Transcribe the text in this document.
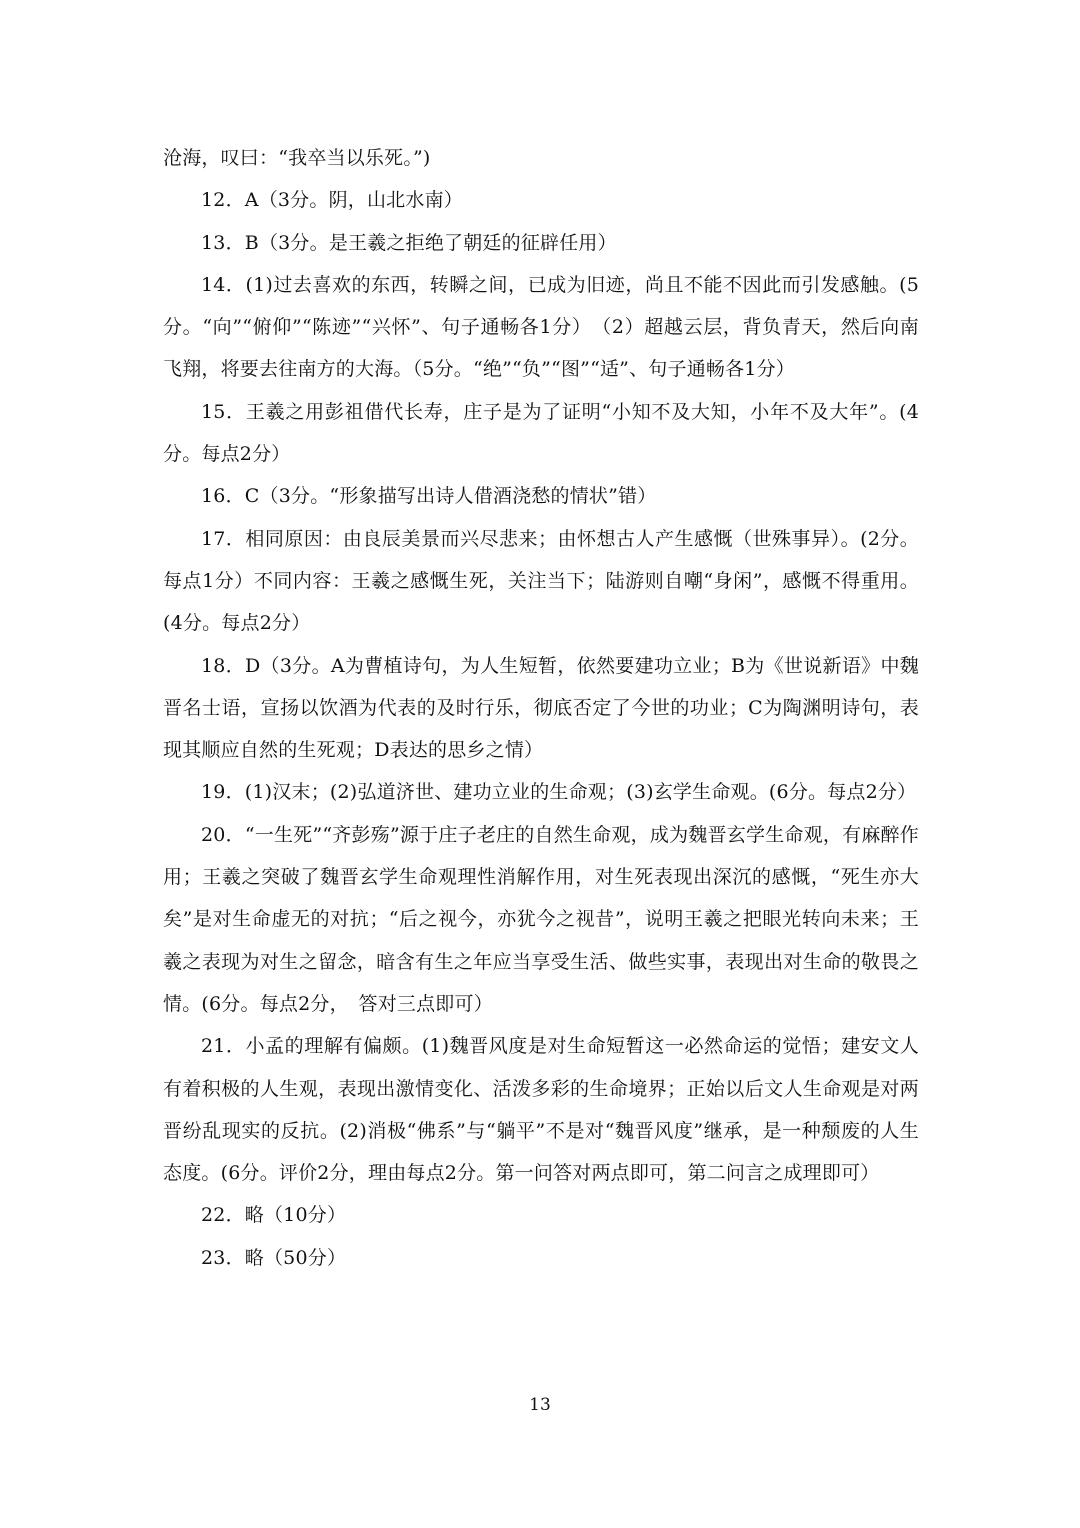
沧海，叹曰：“我卒当以乐死。”)

12．A（3分。阴，山北水南）

13．B（3分。是王羲之拒绝了朝廷的征辟任用）

14．(1)过去喜欢的东西，转瞬之间，已成为旧迹，尚且不能不因此而引发感触。(5分。“向”“俯仰”“陈迹”“兴怀”、句子通畅各1分）　（2）超越云层，背负青天，然后向南飞翔，将要去往南方的大海。（5分。“绝”“负”“图”“适”、句子通畅各1分）

15．王羲之用彭祖借代长寿，庄子是为了证明“小知不及大知，小年不及大年”。(4分。每点2分）

16．C（3分。“形象描写出诗人借酒浇愁的情状”错）

17．相同原因：由良辰美景而兴尽悲来；由怀想古人产生感慨（世殊事异）。(2分。每点1分）不同内容：王羲之感慨生死，关注当下；陆游则自嘲“身闲”，感慨不得重用。(4分。每点2分）

18．D（3分。A为曹植诗句，为人生短暂，依然要建功立业；B为《世说新语》中魏晋名士语，宣扬以饮酒为代表的及时行乐，彻底否定了今世的功业；C为陶渊明诗句，表现其顺应自然的生死观；D表达的思乡之情）

19．(1)汉末；(2)弘道济世、建功立业的生命观；(3)玄学生命观。(6分。每点2分）

20．“一生死”“齐彭殇”源于庄子老庄的自然生命观，成为魏晋玄学生命观，有麻醉作用；王羲之突破了魏晋玄学生命观理性消解作用，对生死表现出深沉的感慨，“死生亦大矣”是对生命虚无的对抗；“后之视今，亦犹今之视昔”，说明王羲之把眼光转向未来；王羲之表现为对生之留念，暗含有生之年应当享受生活、做些实事，表现出对生命的敬畏之情。(6分。每点2分，　答对三点即可）

21．小孟的理解有偏颇。(1)魏晋风度是对生命短暂这一必然命运的觉悟；建安文人有着积极的人生观，表现出激情变化、活泼多彩的生命境界；正始以后文人生命观是对两晋纷乱现实的反抗。(2)消极“佛系”与“躺平”不是对“魏晋风度”继承，是一种颓废的人生态度。(6分。评价2分，理由每点2分。第一问答对两点即可，第二问言之成理即可）

22．略（10分）

23．略（50分）

13
